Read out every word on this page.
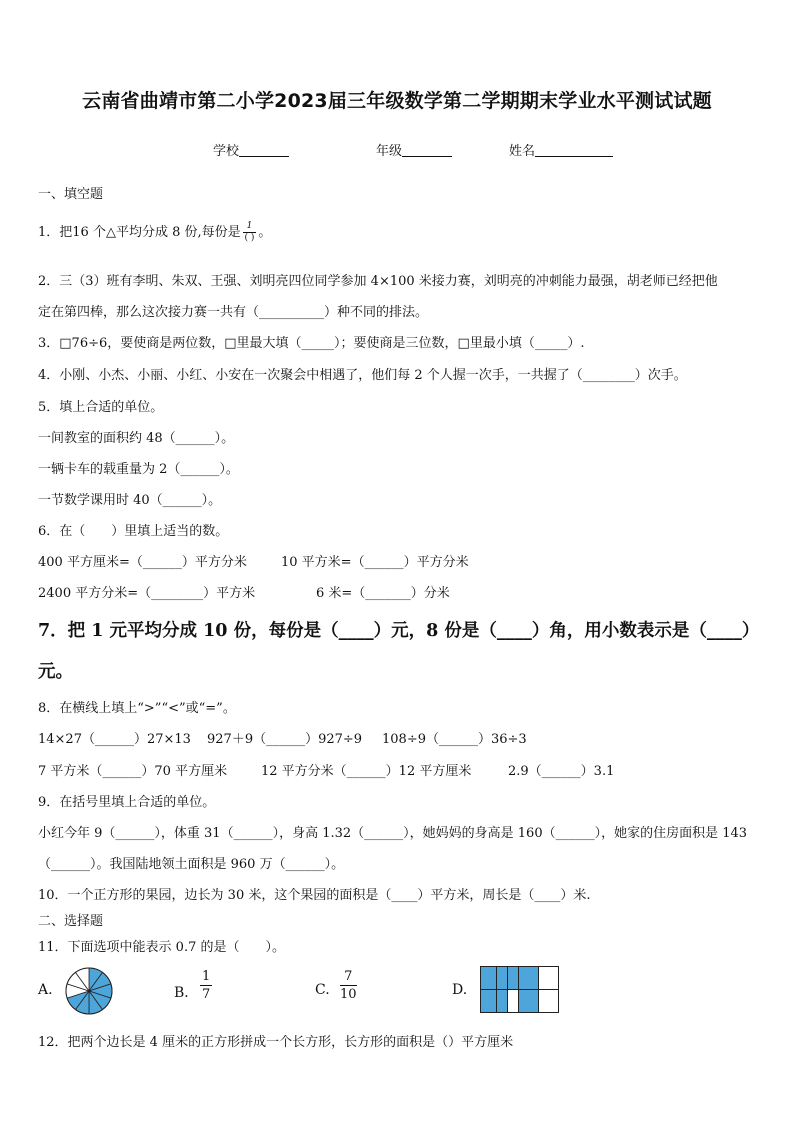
云南省曲靖市第二小学2023届三年级数学第二学期期末学业水平测试试题
学校	年级	姓名
一、填空题
1．把16 个△平均分成 8 份,每份是 $\frac{1}{( )}$ 。
2．三（3）班有李明、朱双、王强、刘明亮四位同学参加 4×100 米接力赛，刘明亮的冲刺能力最强，胡老师已经把他
定在第四棒，那么这次接力赛一共有（__________）种不同的排法。
3．□76÷6，要使商是两位数，□里最大填（_____）；要使商是三位数，□里最小填（_____）.
4．小刚、小杰、小丽、小红、小安在一次聚会中相遇了，他们每 2 个人握一次手，一共握了（________）次手。
5．填上合适的单位。
一间教室的面积约 48（______）。
一辆卡车的载重量为 2（______）。
一节数学课用时 40（______）。
6．在（　　）里填上适当的数。
400 平方厘米=（______）平方分米	10 平方米=（______）平方分米
2400 平方分米=（________）平方米	6 米=（_______）分米
7．把 1 元平均分成 10 份，每份是（____）元，8 份是（____）角，用小数表示是（____）
元。
8．在横线上填上“>”“<”或“=”。
14×27（______）27×13 927＋9（______）927÷9 108÷9（______）36÷3
7 平方米（______）70 平方厘米	12 平方分米（______）12 平方厘米	2.9（______）3.1
9．在括号里填上合适的单位。
小红今年 9（______），体重 31（______），身高 1.32（______），她妈妈的身高是 160（______），她家的住房面积是 143
（______）。我国陆地领土面积是 960 万（______）。
10．一个正方形的果园，边长为 30 米，这个果园的面积是（____）平方米，周长是（____）米.
二、选择题
11．下面选项中能表示 0.7 的是（　　）。
A.	B． $\frac{1}{7}$	C. $\frac{7}{10}$	D.
12．把两个边长是 4 厘米的正方形拼成一个长方形，长方形的面积是（）平方厘米
